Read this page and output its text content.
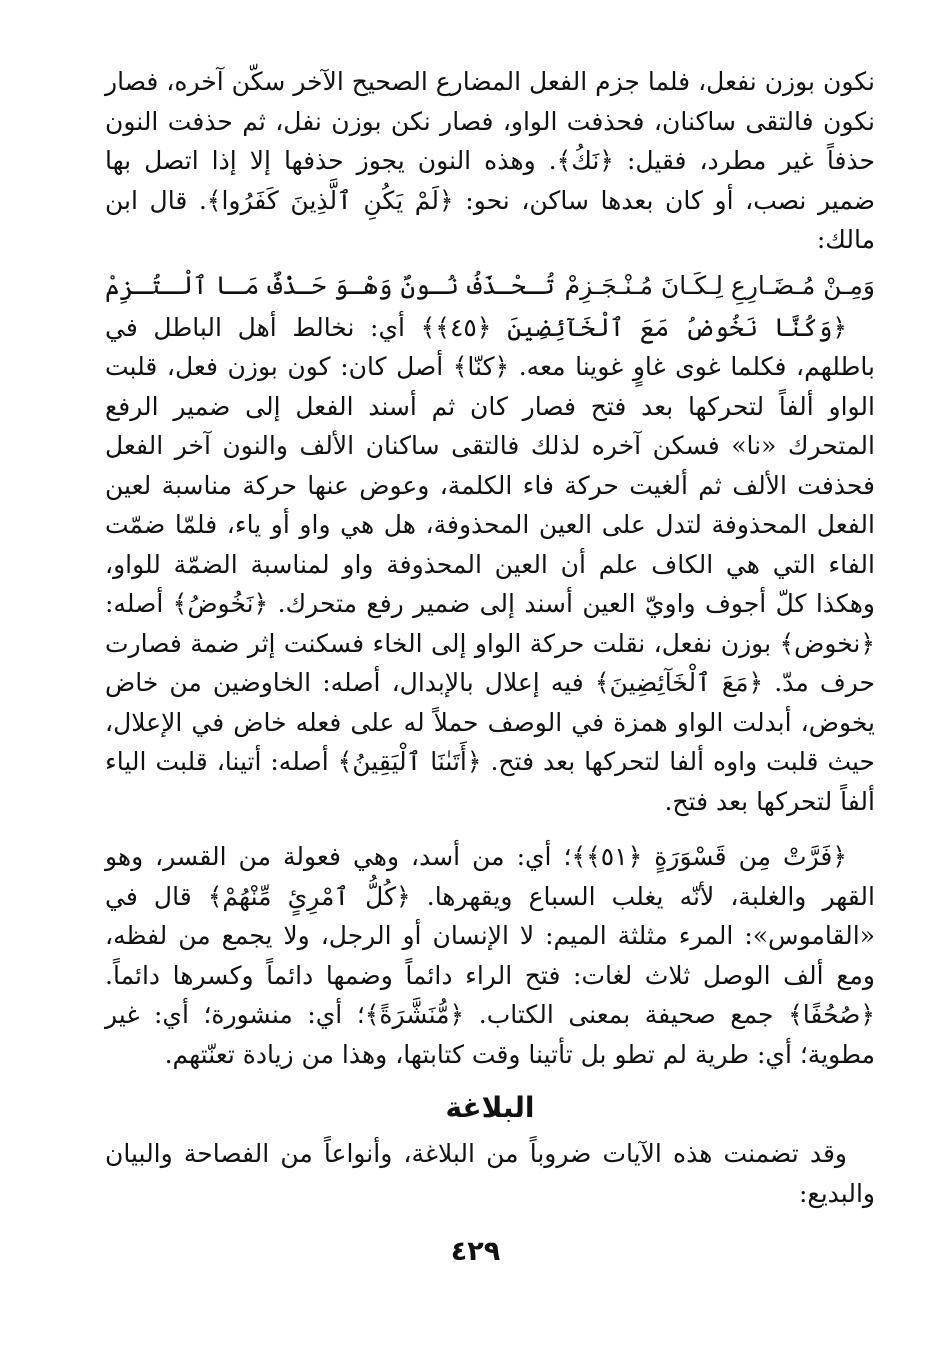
نكون بوزن نفعل، فلما جزم الفعل المضارع الصحيح الآخر سكّن آخره، فصار نكون فالتقى ساكنان، فحذفت الواو، فصار نكن بوزن نفل، ثم حذفت النون حذفاً غير مطرد، فقيل: ﴿نَكُ﴾. وهذه النون يجوز حذفها إلا إذا اتصل بها ضمير نصب، أو كان بعدها ساكن، نحو: ﴿لَمْ يَكُنِ ٱلَّذِينَ كَفَرُوا﴾. قال ابن مالك:

وَمِـنْ مُـضَـارِعِ لِـكَـانَ مُـنْـجَـزِمْ
تُـحْـذَفُ نُـونٌ وَهْـوَ حَـذْفٌ مَـا ٱلْـتُـزِمْ

﴿وَكُنَّا نَخُوضُ مَعَ ٱلْخَآئِضِينَ ﴿٤٥﴾﴾ أي: نخالط أهل الباطل في باطلهم، فكلما غوى غاوٍ غوينا معه. ﴿كنّا﴾ أصل كان: كون بوزن فعل، قلبت الواو ألفاً لتحركها بعد فتح فصار كان ثم أسند الفعل إلى ضمير الرفع المتحرك «نا» فسكن آخره لذلك فالتقى ساكنان الألف والنون آخر الفعل فحذفت الألف ثم ألغيت حركة فاء الكلمة، وعوض عنها حركة مناسبة لعين الفعل المحذوفة لتدل على العين المحذوفة، هل هي واو أو ياء، فلمّا ضمّت الفاء التي هي الكاف علم أن العين المحذوفة واو لمناسبة الضمّة للواو، وهكذا كلّ أجوف واويّ العين أسند إلى ضمير رفع متحرك. ﴿نَخُوضُ﴾ أصله: ﴿نخوض﴾ بوزن نفعل، نقلت حركة الواو إلى الخاء فسكنت إثر ضمة فصارت حرف مدّ. ﴿مَعَ ٱلْخَآئِضِينَ﴾ فيه إعلال بالإبدال، أصله: الخاوضين من خاض يخوض، أبدلت الواو همزة في الوصف حملاً له على فعله خاض في الإعلال، حيث قلبت واوه ألفا لتحركها بعد فتح. ﴿أَتَىٰنَا ٱلْيَقِينُ﴾ أصله: أتينا، قلبت الياء ألفاً لتحركها بعد فتح.

﴿فَرَّتْ مِن قَسْوَرَةٍ ﴿٥١﴾﴾؛ أي: من أسد، وهي فعولة من القسر، وهو القهر والغلبة، لأنّه يغلب السباع ويقهرها. ﴿كُلُّ ٱمْرِئٍ مِّنْهُمْ﴾ قال في «القاموس»: المرء مثلثة الميم: لا الإنسان أو الرجل، ولا يجمع من لفظه، ومع ألف الوصل ثلاث لغات: فتح الراء دائماً وضمها دائماً وكسرها دائماً. ﴿صُحُفًا﴾ جمع صحيفة بمعنى الكتاب. ﴿مُّنَشَّرَةً﴾؛ أي: منشورة؛ أي: غير مطوية؛ أي: طرية لم تطو بل تأتينا وقت كتابتها، وهذا من زيادة تعنّتهم.

البلاغة

وقد تضمنت هذه الآيات ضروباً من البلاغة، وأنواعاً من الفصاحة والبيان والبديع:

٤٢٩
